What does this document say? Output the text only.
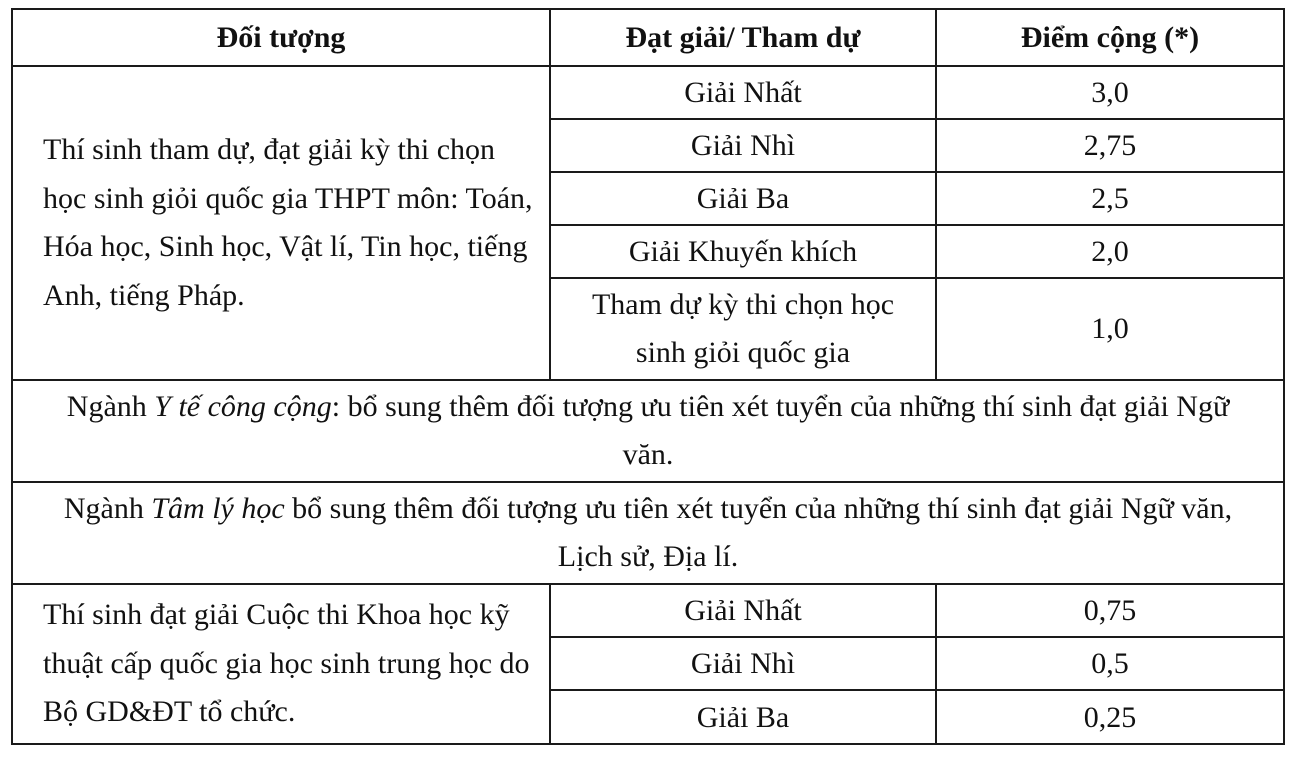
Đối tượng	Đạt giải/ Tham dự	Điểm cộng (*)
Thí sinh tham dự, đạt giải kỳ thi chọn học sinh giỏi quốc gia THPT môn: Toán, Hóa học, Sinh học, Vật lí, Tin học, tiếng Anh, tiếng Pháp.	Giải Nhất	3,0
	Giải Nhì	2,75
	Giải Ba	2,5
	Giải Khuyến khích	2,0
	Tham dự kỳ thi chọn học sinh giỏi quốc gia	1,0
Ngành Y tế công cộng: bổ sung thêm đối tượng ưu tiên xét tuyển của những thí sinh đạt giải Ngữ văn.		
Ngành Tâm lý học bổ sung thêm đối tượng ưu tiên xét tuyển của những thí sinh đạt giải Ngữ văn, Lịch sử, Địa lí.		
Thí sinh đạt giải Cuộc thi Khoa học kỹ thuật cấp quốc gia học sinh trung học do Bộ GD&ĐT tổ chức.	Giải Nhất	0,75
	Giải Nhì	0,5
	Giải Ba	0,25
